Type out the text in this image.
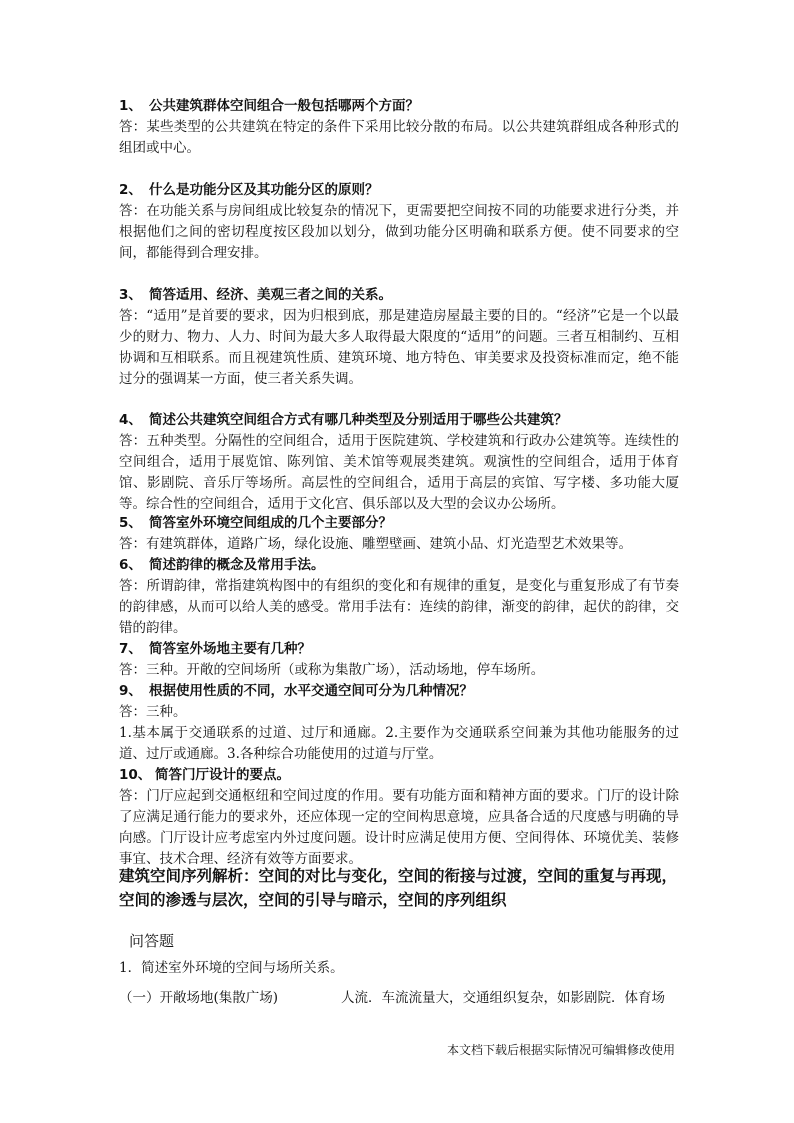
1、 公共建筑群体空间组合一般包括哪两个方面？

答：某些类型的公共建筑在特定的条件下采用比较分散的布局。以公共建筑群组成各种形式的组团或中心。

2、 什么是功能分区及其功能分区的原则？

答：在功能关系与房间组成比较复杂的情况下，更需要把空间按不同的功能要求进行分类，并根据他们之间的密切程度按区段加以划分，做到功能分区明确和联系方便。使不同要求的空间，都能得到合理安排。

3、 简答适用、经济、美观三者之间的关系。

答：“适用”是首要的要求，因为归根到底，那是建造房屋最主要的目的。“经济”它是一个以最少的财力、物力、人力、时间为最大多人取得最大限度的“适用”的问题。三者互相制约、互相协调和互相联系。而且视建筑性质、建筑环境、地方特色、审美要求及投资标准而定，绝不能过分的强调某一方面，使三者关系失调。

4、 简述公共建筑空间组合方式有哪几种类型及分别适用于哪些公共建筑？

答：五种类型。分隔性的空间组合，适用于医院建筑、学校建筑和行政办公建筑等。连续性的空间组合，适用于展览馆、陈列馆、美术馆等观展类建筑。观演性的空间组合，适用于体育馆、影剧院、音乐厅等场所。高层性的空间组合，适用于高层的宾馆、写字楼、多功能大厦等。综合性的空间组合，适用于文化宫、俱乐部以及大型的会议办公场所。

5、 简答室外环境空间组成的几个主要部分？

答：有建筑群体，道路广场，绿化设施、雕塑壁画、建筑小品、灯光造型艺术效果等。

6、 简述韵律的概念及常用手法。

答：所谓韵律，常指建筑构图中的有组织的变化和有规律的重复，是变化与重复形成了有节奏的韵律感，从而可以给人美的感受。常用手法有：连续的韵律，渐变的韵律，起伏的韵律，交错的韵律。

7、 简答室外场地主要有几种？

答：三种。开敞的空间场所（或称为集散广场），活动场地，停车场所。

9、 根据使用性质的不同，水平交通空间可分为几种情况？

答：三种。

1.基本属于交通联系的过道、过厅和通廊。2.主要作为交通联系空间兼为其他功能服务的过道、过厅或通廊。3.各种综合功能使用的过道与厅堂。

10、 简答门厅设计的要点。

答：门厅应起到交通枢纽和空间过度的作用。要有功能方面和精神方面的要求。门厅的设计除了应满足通行能力的要求外，还应体现一定的空间构思意境，应具备合适的尺度感与明确的导向感。门厅设计应考虑室内外过度问题。设计时应满足使用方便、空间得体、环境优美、装修事宜、技术合理、经济有效等方面要求。

建筑空间序列解析：空间的对比与变化，空间的衔接与过渡，空间的重复与再现，空间的渗透与层次，空间的引导与暗示，空间的序列组织

问答题

1．简述室外环境的空间与场所关系。

（一）开敞场地(集散广场)	人流．车流流量大，交通组织复杂，如影剧院．体育场

本文档下载后根据实际情况可编辑修改使用
